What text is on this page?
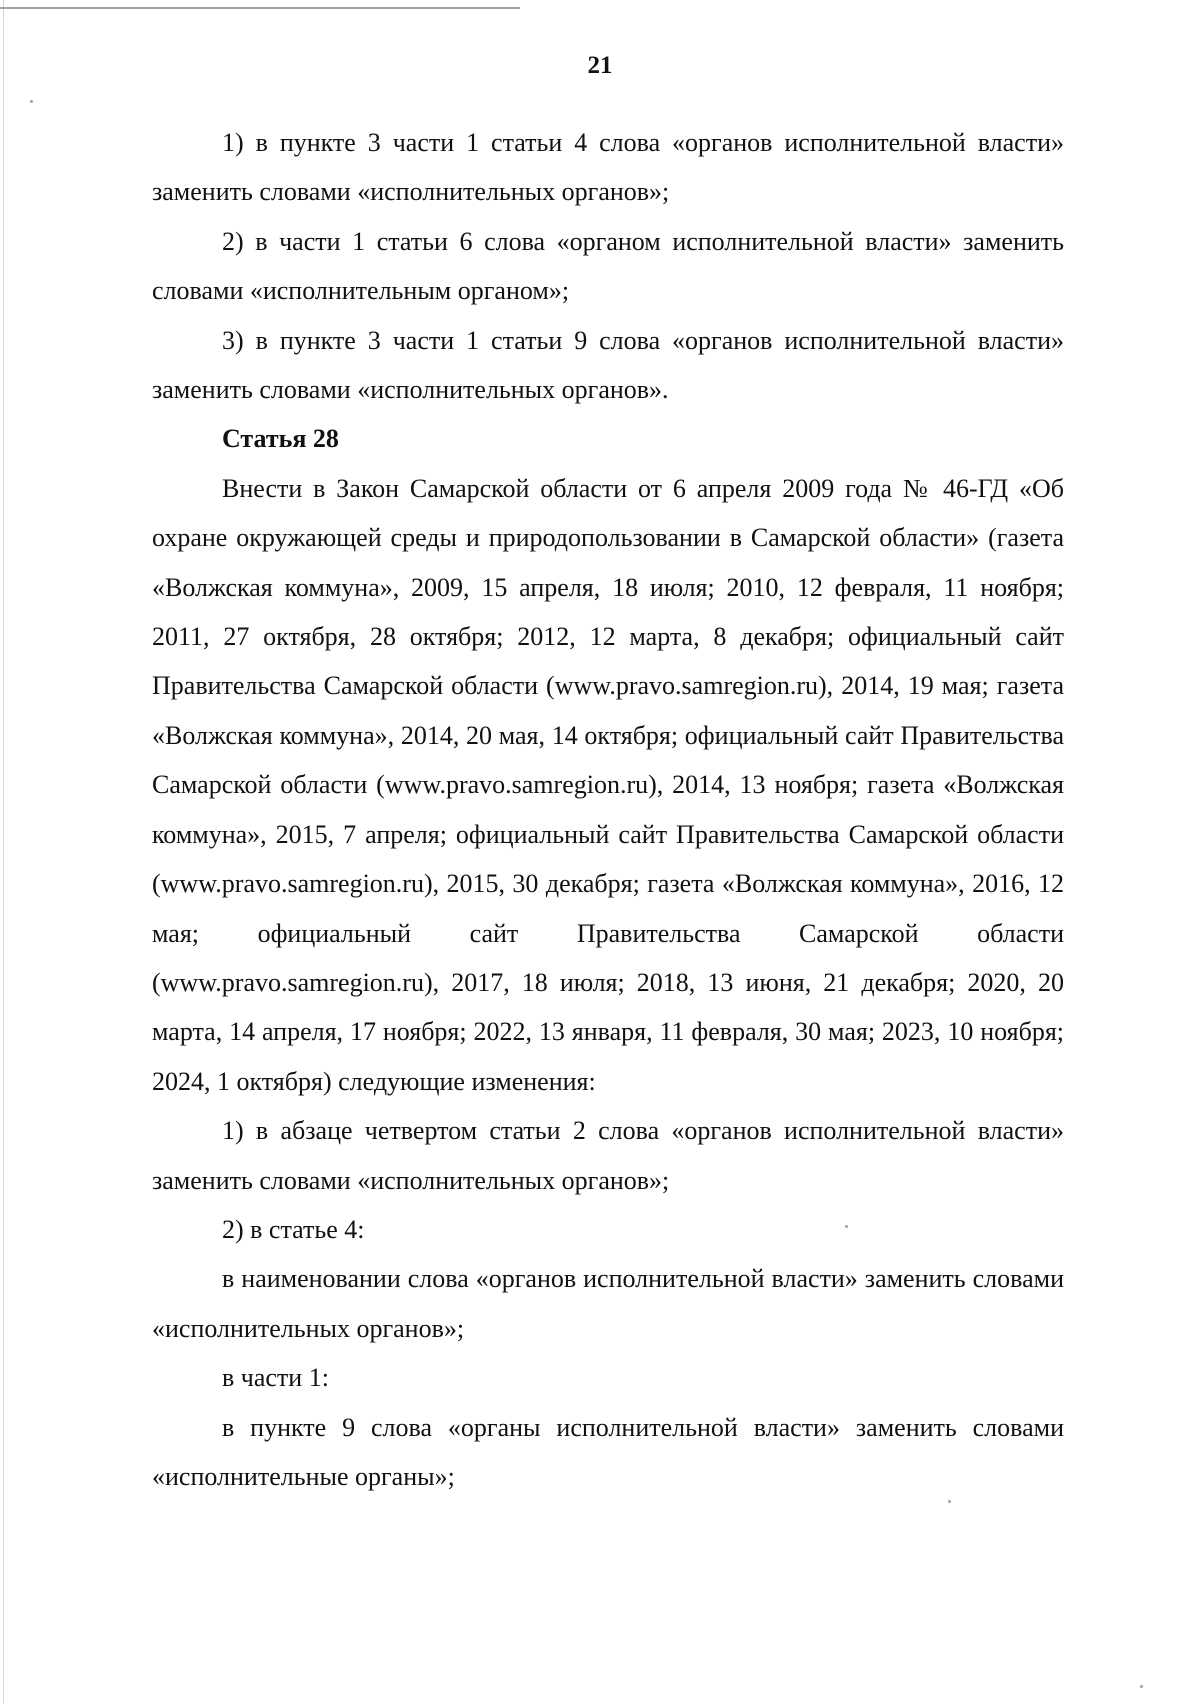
21

1) в пункте 3 части 1 статьи 4 слова «органов исполнительной власти» заменить словами «исполнительных органов»;

2) в части 1 статьи 6 слова «органом исполнительной власти» заменить словами «исполнительным органом»;

3) в пункте 3 части 1 статьи 9 слова «органов исполнительной власти» заменить словами «исполнительных органов».

Статья 28

Внести в Закон Самарской области от 6 апреля 2009 года № 46-ГД «Об охране окружающей среды и природопользовании в Самарской области» (газета «Волжская коммуна», 2009, 15 апреля, 18 июля; 2010, 12 февраля, 11 ноября; 2011, 27 октября, 28 октября; 2012, 12 марта, 8 декабря; официальный сайт Правительства Самарской области (www.pravo.samregion.ru), 2014, 19 мая; газета «Волжская коммуна», 2014, 20 мая, 14 октября; официальный сайт Правительства Самарской области (www.pravo.samregion.ru), 2014, 13 ноября; газета «Волжская коммуна», 2015, 7 апреля; официальный сайт Правительства Самарской области (www.pravo.samregion.ru), 2015, 30 декабря; газета «Волжская коммуна», 2016, 12 мая; официальный сайт Правительства Самарской области (www.pravo.samregion.ru), 2017, 18 июля; 2018, 13 июня, 21 декабря; 2020, 20 марта, 14 апреля, 17 ноября; 2022, 13 января, 11 февраля, 30 мая; 2023, 10 ноября; 2024, 1 октября) следующие изменения:

1) в абзаце четвертом статьи 2 слова «органов исполнительной власти» заменить словами «исполнительных органов»;

2) в статье 4:

в наименовании слова «органов исполнительной власти» заменить словами «исполнительных органов»;

в части 1:

в пункте 9 слова «органы исполнительной власти» заменить словами «исполнительные органы»;
